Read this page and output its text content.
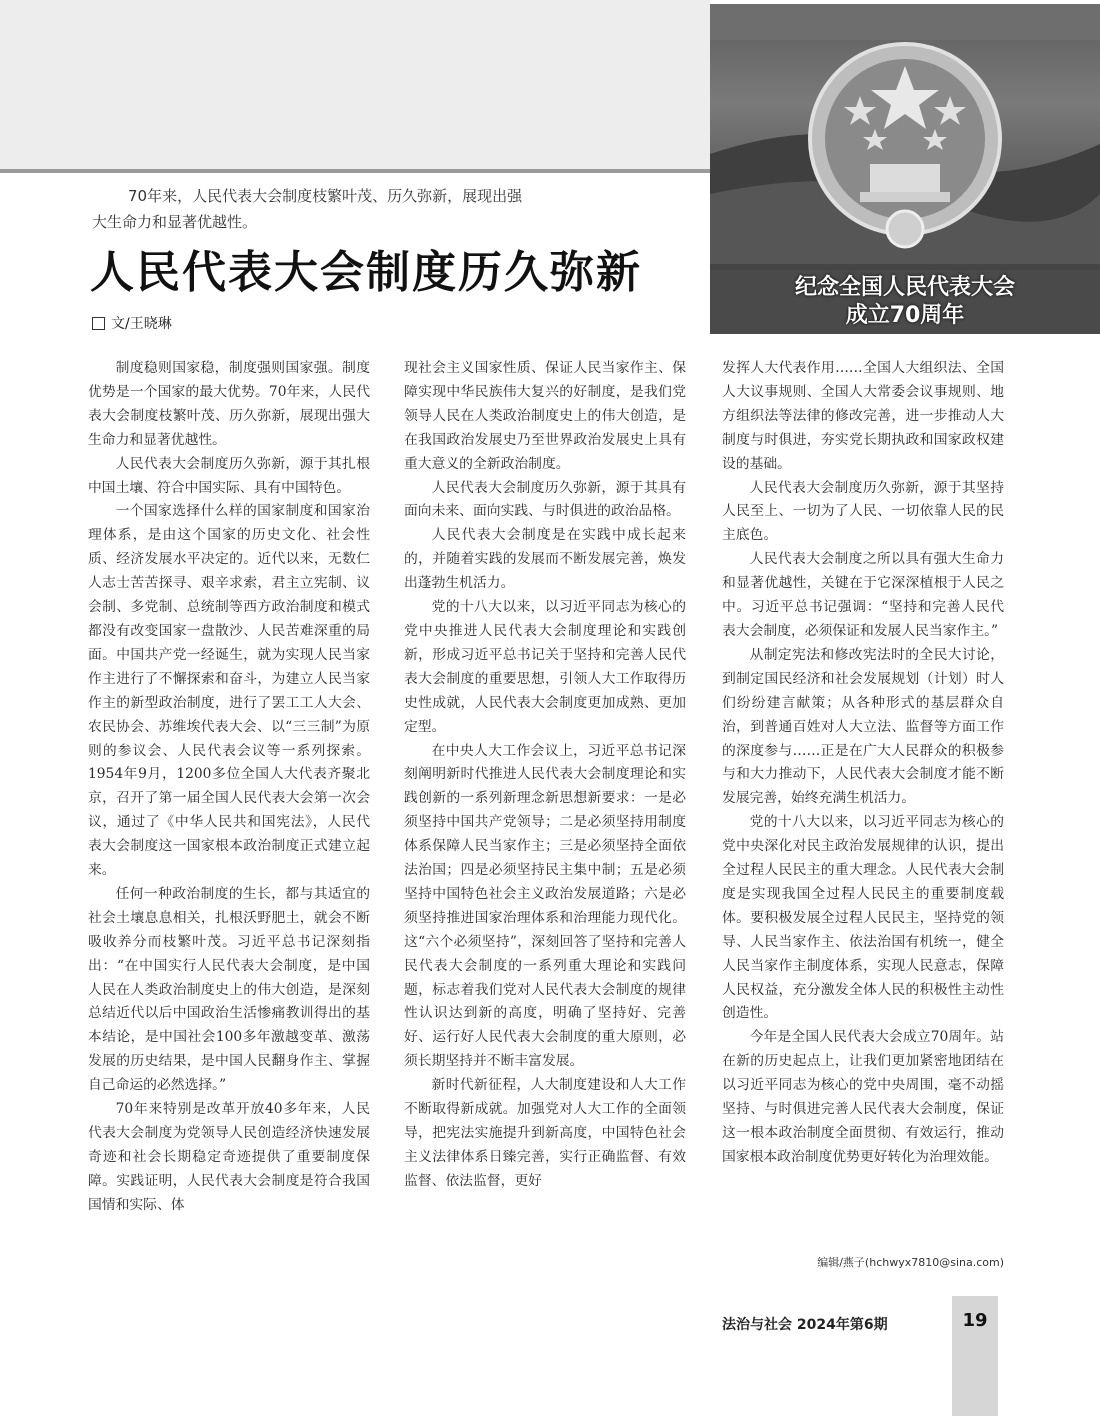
纪念全国人民代表大会
成立70周年
70年来，人民代表大会制度枝繁叶茂、历久弥新，展现出强
大生命力和显著优越性。
人民代表大会制度历久弥新
文/王晓琳

制度稳则国家稳，制度强则国家强。制度优势是一个国家的最大优势。70年来，人民代表大会制度枝繁叶茂、历久弥新，展现出强大生命力和显著优越性。

人民代表大会制度历久弥新，源于其扎根中国土壤、符合中国实际、具有中国特色。

一个国家选择什么样的国家制度和国家治理体系，是由这个国家的历史文化、社会性质、经济发展水平决定的。近代以来，无数仁人志士苦苦探寻、艰辛求索，君主立宪制、议会制、多党制、总统制等西方政治制度和模式都没有改变国家一盘散沙、人民苦难深重的局面。中国共产党一经诞生，就为实现人民当家作主进行了不懈探索和奋斗，为建立人民当家作主的新型政治制度，进行了罢工工人大会、农民协会、苏维埃代表大会、以“三三制”为原则的参议会、人民代表会议等一系列探索。1954年9月，1200多位全国人大代表齐聚北京，召开了第一届全国人民代表大会第一次会议，通过了《中华人民共和国宪法》，人民代表大会制度这一国家根本政治制度正式建立起来。

任何一种政治制度的生长，都与其适宜的社会土壤息息相关，扎根沃野肥土，就会不断吸收养分而枝繁叶茂。习近平总书记深刻指出：“在中国实行人民代表大会制度，是中国人民在人类政治制度史上的伟大创造，是深刻总结近代以后中国政治生活惨痛教训得出的基本结论，是中国社会100多年激越变革、激荡发展的历史结果，是中国人民翻身作主、掌握自己命运的必然选择。”

70年来特别是改革开放40多年来，人民代表大会制度为党领导人民创造经济快速发展奇迹和社会长期稳定奇迹提供了重要制度保障。实践证明，人民代表大会制度是符合我国国情和实际、体

现社会主义国家性质、保证人民当家作主、保障实现中华民族伟大复兴的好制度，是我们党领导人民在人类政治制度史上的伟大创造，是在我国政治发展史乃至世界政治发展史上具有重大意义的全新政治制度。

人民代表大会制度历久弥新，源于其具有面向未来、面向实践、与时俱进的政治品格。

人民代表大会制度是在实践中成长起来的，并随着实践的发展而不断发展完善，焕发出蓬勃生机活力。

党的十八大以来，以习近平同志为核心的党中央推进人民代表大会制度理论和实践创新，形成习近平总书记关于坚持和完善人民代表大会制度的重要思想，引领人大工作取得历史性成就，人民代表大会制度更加成熟、更加定型。

在中央人大工作会议上，习近平总书记深刻阐明新时代推进人民代表大会制度理论和实践创新的一系列新理念新思想新要求：一是必须坚持中国共产党领导；二是必须坚持用制度体系保障人民当家作主；三是必须坚持全面依法治国；四是必须坚持民主集中制；五是必须坚持中国特色社会主义政治发展道路；六是必须坚持推进国家治理体系和治理能力现代化。这“六个必须坚持”，深刻回答了坚持和完善人民代表大会制度的一系列重大理论和实践问题，标志着我们党对人民代表大会制度的规律性认识达到新的高度，明确了坚持好、完善好、运行好人民代表大会制度的重大原则，必须长期坚持并不断丰富发展。

新时代新征程，人大制度建设和人大工作不断取得新成就。加强党对人大工作的全面领导，把宪法实施提升到新高度，中国特色社会主义法律体系日臻完善，实行正确监督、有效监督、依法监督，更好

发挥人大代表作用……全国人大组织法、全国人大议事规则、全国人大常委会议事规则、地方组织法等法律的修改完善，进一步推动人大制度与时俱进，夯实党长期执政和国家政权建设的基础。

人民代表大会制度历久弥新，源于其坚持人民至上、一切为了人民、一切依靠人民的民主底色。

人民代表大会制度之所以具有强大生命力和显著优越性，关键在于它深深植根于人民之中。习近平总书记强调：“坚持和完善人民代表大会制度，必须保证和发展人民当家作主。”

从制定宪法和修改宪法时的全民大讨论，到制定国民经济和社会发展规划（计划）时人们纷纷建言献策；从各种形式的基层群众自治，到普通百姓对人大立法、监督等方面工作的深度参与……正是在广大人民群众的积极参与和大力推动下，人民代表大会制度才能不断发展完善，始终充满生机活力。

党的十八大以来，以习近平同志为核心的党中央深化对民主政治发展规律的认识，提出全过程人民民主的重大理念。人民代表大会制度是实现我国全过程人民民主的重要制度载体。要积极发展全过程人民民主，坚持党的领导、人民当家作主、依法治国有机统一，健全人民当家作主制度体系，实现人民意志，保障人民权益，充分激发全体人民的积极性主动性创造性。

今年是全国人民代表大会成立70周年。站在新的历史起点上，让我们更加紧密地团结在以习近平同志为核心的党中央周围，毫不动摇坚持、与时俱进完善人民代表大会制度，保证这一根本政治制度全面贯彻、有效运行，推动国家根本政治制度优势更好转化为治理效能。

编辑/燕子(hchwyx7810@sina.com)
法治与社会 2024年第6期	19
